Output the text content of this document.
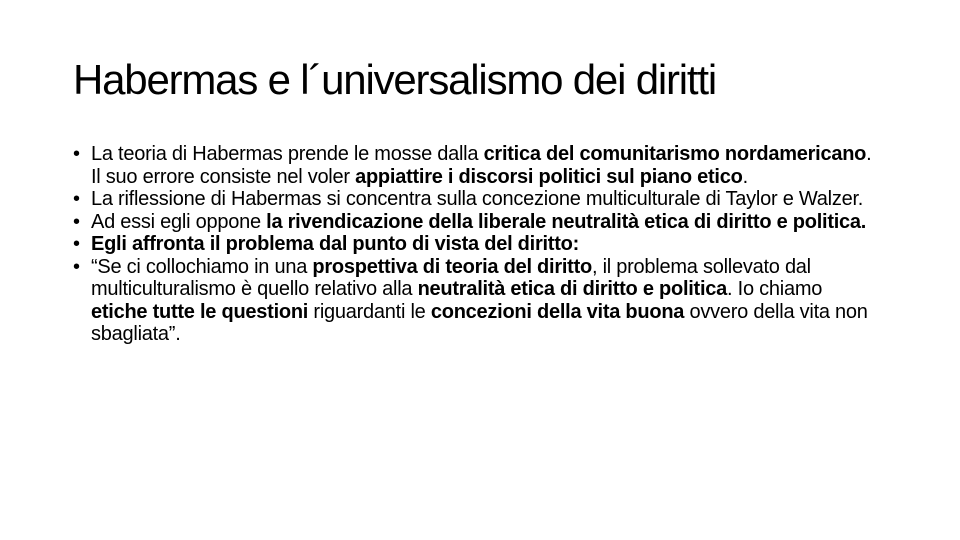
Habermas e l´universalismo dei diritti
• La teoria di Habermas prende le mosse dalla critica del comunitarismo nordamericano. Il suo errore consiste nel voler appiattire i discorsi politici sul piano etico.
• La riflessione di Habermas si concentra sulla concezione multiculturale di Taylor e Walzer.
• Ad essi egli oppone la rivendicazione della liberale neutralità etica di diritto e politica.
• Egli affronta il problema dal punto di vista del diritto:
• “Se ci collochiamo in una prospettiva di teoria del diritto, il problema sollevato dal multiculturalismo è quello relativo alla neutralità etica di diritto e politica. Io chiamo etiche tutte le questioni riguardanti le concezioni della vita buona ovvero della vita non sbagliata”.
